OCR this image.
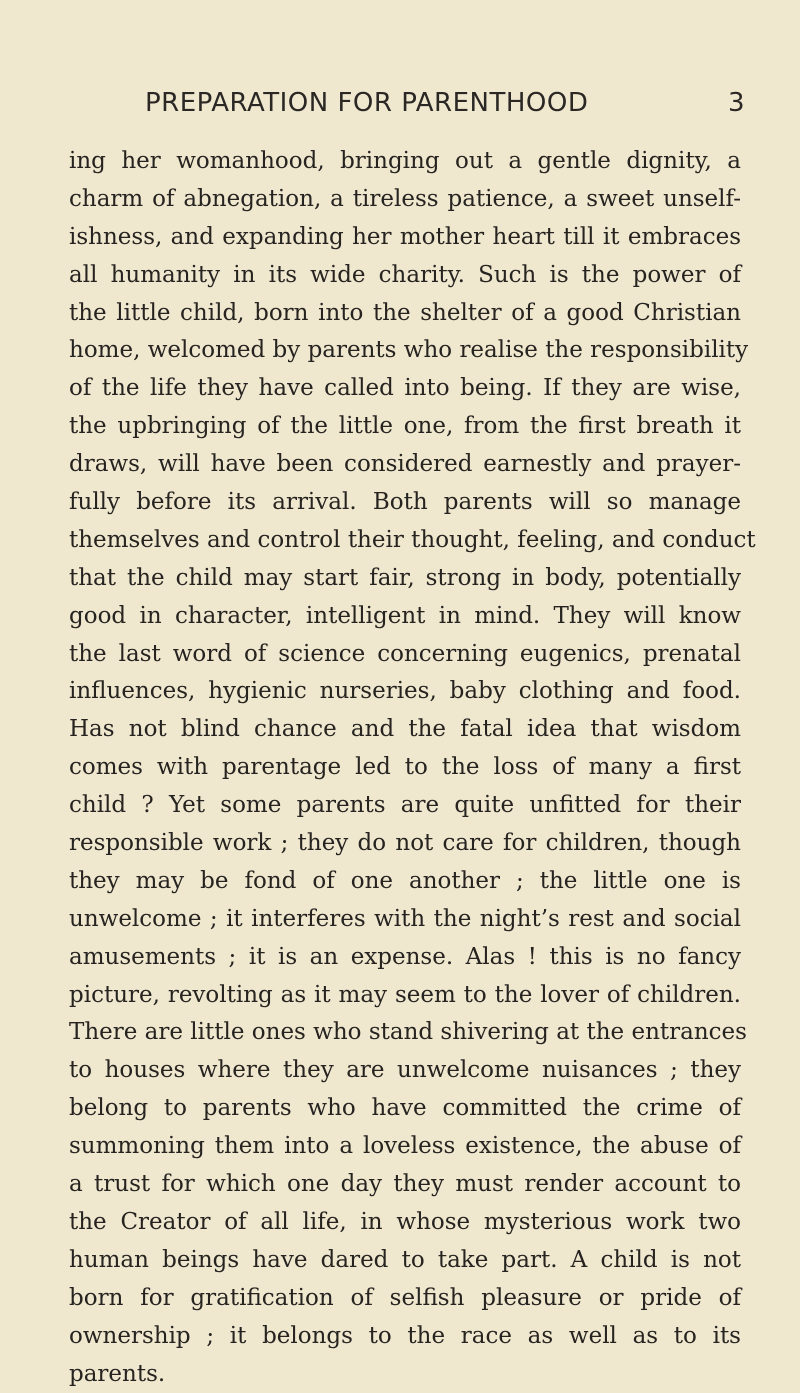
PREPARATION FOR PARENTHOOD	3
ing her womanhood, bringing out a gentle dignity, a
charm of abnegation, a tireless patience, a sweet unself-
ishness, and expanding her mother heart till it embraces
all humanity in its wide charity. Such is the power of
the little child, born into the shelter of a good Christian
home, welcomed by parents who realise the responsibility
of the life they have called into being. If they are wise,
the upbringing of the little one, from the first breath it
draws, will have been considered earnestly and prayer-
fully before its arrival. Both parents will so manage
themselves and control their thought, feeling, and conduct
that the child may start fair, strong in body, potentially
good in character, intelligent in mind. They will know
the last word of science concerning eugenics, prenatal
influences, hygienic nurseries, baby clothing and food.
Has not blind chance and the fatal idea that wisdom
comes with parentage led to the loss of many a first
child ? Yet some parents are quite unfitted for their
responsible work ; they do not care for children, though
they may be fond of one another ; the little one is
unwelcome ; it interferes with the night’s rest and social
amusements ; it is an expense. Alas ! this is no fancy
picture, revolting as it may seem to the lover of children.
There are little ones who stand shivering at the entrances
to houses where they are unwelcome nuisances ; they
belong to parents who have committed the crime of
summoning them into a loveless existence, the abuse of
a trust for which one day they must render account to
the Creator of all life, in whose mysterious work two
human beings have dared to take part. A child is not
born for gratification of selfish pleasure or pride of
ownership ; it belongs to the race as well as to its
parents.
